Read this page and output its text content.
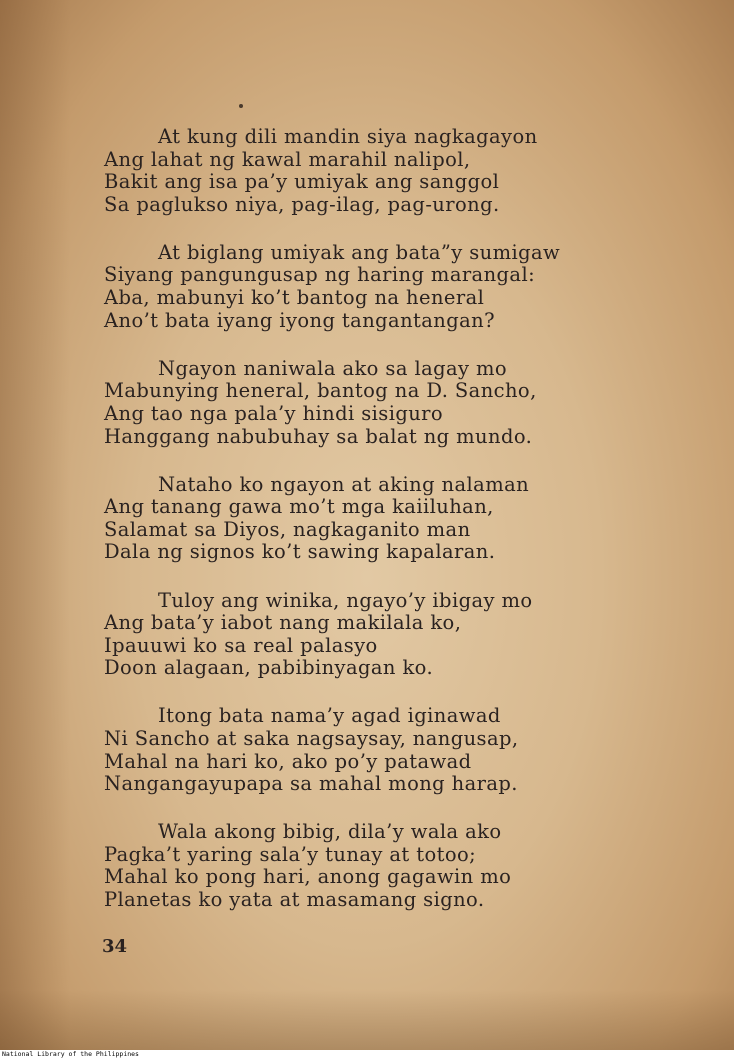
At kung dili mandin siya nagkagayon
Ang lahat ng kawal marahil nalipol,
Bakit ang isa pa’y umiyak ang sanggol
Sa paglukso niya, pag-ilag, pag-urong.
At biglang umiyak ang bata”y sumigaw
Siyang pangungusap ng haring marangal:
Aba, mabunyi ko’t bantog na heneral
Ano’t bata iyang iyong tangantangan?
Ngayon naniwala ako sa lagay mo
Mabunying heneral, bantog na D. Sancho,
Ang tao nga pala’y hindi sisiguro
Hanggang nabubuhay sa balat ng mundo.
Nataho ko ngayon at aking nalaman
Ang tanang gawa mo’t mga kaiiluhan,
Salamat sa Diyos, nagkaganito man
Dala ng signos ko’t sawing kapalaran.
Tuloy ang winika, ngayo’y ibigay mo
Ang bata’y iabot nang makilala ko,
Ipauuwi ko sa real palasyo
Doon alagaan, pabibinyagan ko.
Itong bata nama’y agad iginawad
Ni Sancho at saka nagsaysay, nangusap,
Mahal na hari ko, ako po’y patawad
Nangangayupapa sa mahal mong harap.
Wala akong bibig, dila’y wala ako
Pagka’t yaring sala’y tunay at totoo;
Mahal ko pong hari, anong gagawin mo
Planetas ko yata at masamang signo.
34
National Library of the Philippines
